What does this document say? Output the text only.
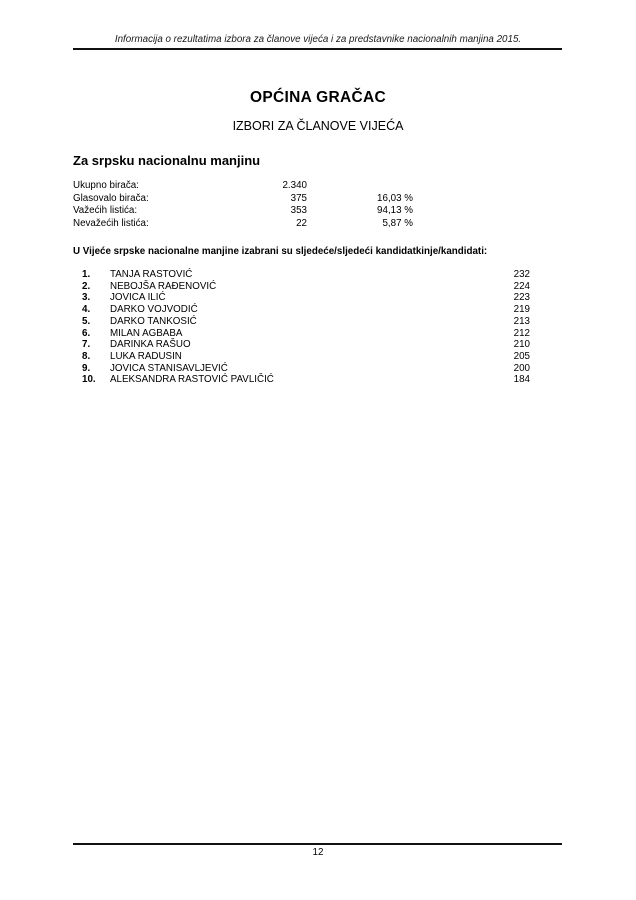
Informacija o rezultatima izbora za članove vijeća i za predstavnike nacionalnih manjina 2015.
OPĆINA GRAČAC
IZBORI ZA ČLANOVE VIJEĆA
Za srpsku nacionalnu manjinu
Ukupno birača:	2.340
Glasovalo birača:	375	16,03 %
Važećih listića:	353	94,13 %
Nevažećih listića:	22	5,87 %
U Vijeće srpske nacionalne manjine izabrani su sljedeće/sljedeći kandidatkinje/kandidati:
1.	TANJA RASTOVIĆ	232
2.	NEBOJŠA RAĐENOVIĆ	224
3.	JOVICA ILIĆ	223
4.	DARKO VOJVODIĆ	219
5.	DARKO TANKOSIĆ	213
6.	MILAN AGBABA	212
7.	DARINKA RAŠUO	210
8.	LUKA RADUSIN	205
9.	JOVICA STANISAVLJEVIĆ	200
10.	ALEKSANDRA RASTOVIĆ PAVLIČIĆ	184
12
